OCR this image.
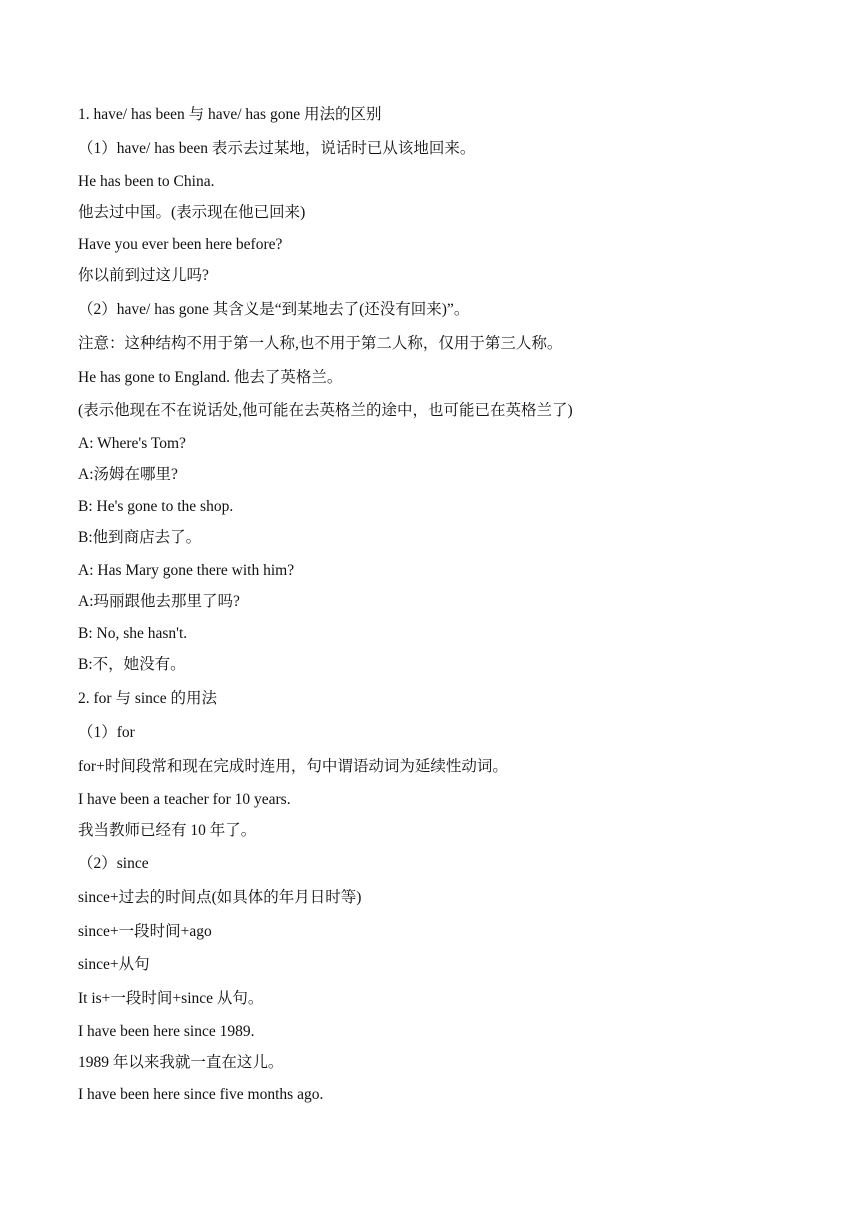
1. have/ has been 与 have/ has gone 用法的区别
（1）have/ has been 表示去过某地，说话时已从该地回来。
He has been to China.
他去过中国。(表示现在他已回来)
Have you ever been here before?
你以前到过这儿吗?
（2）have/ has gone 其含义是“到某地去了(还没有回来)”。
注意：这种结构不用于第一人称,也不用于第二人称，仅用于第三人称。
He has gone to England. 他去了英格兰。
(表示他现在不在说话处,他可能在去英格兰的途中，也可能已在英格兰了)
A: Where's Tom?
A:汤姆在哪里?
B: He's gone to the shop.
B:他到商店去了。
A: Has Mary gone there with him?
A:玛丽跟他去那里了吗?
B: No, she hasn't.
B:不，她没有。
2. for 与 since 的用法
（1）for
for+时间段常和现在完成时连用，句中谓语动词为延续性动词。
I have been a teacher for 10 years.
我当教师已经有 10 年了。
（2）since
since+过去的时间点(如具体的年月日时等)
since+一段时间+ago
since+从句
It is+一段时间+since 从句。
I have been here since 1989.
1989 年以来我就一直在这儿。
I have been here since five months ago.
